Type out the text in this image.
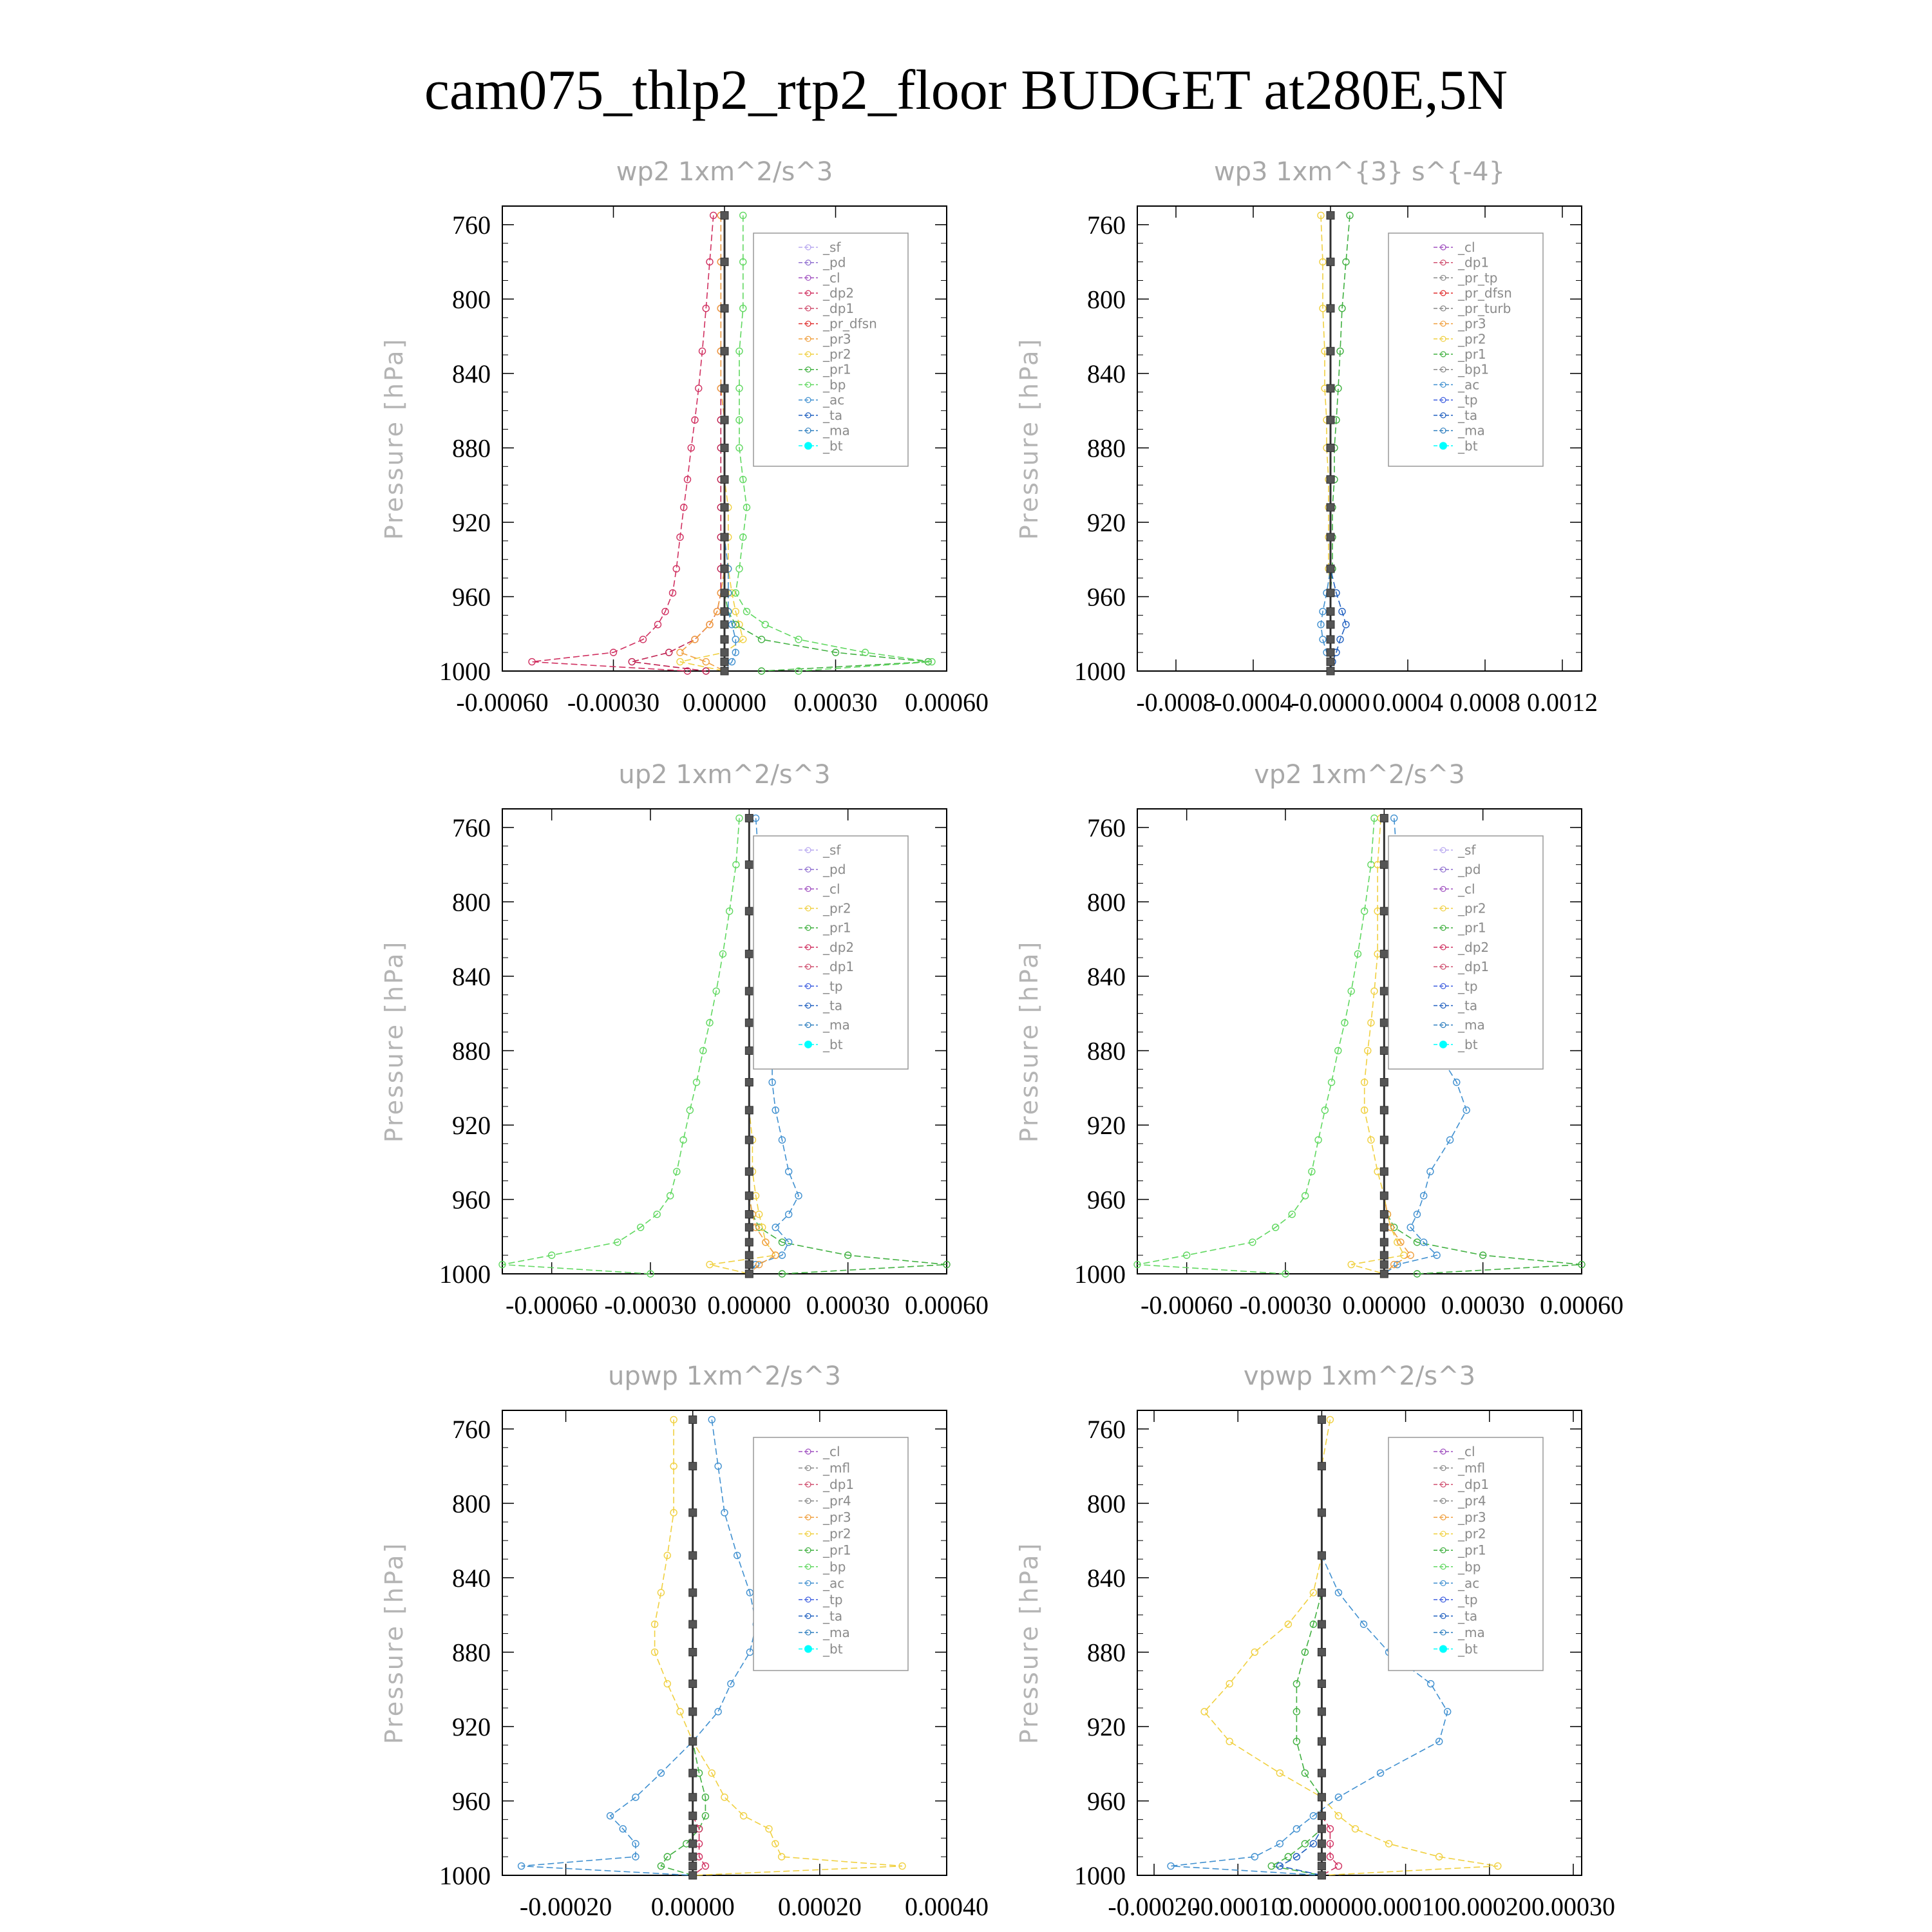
cam075_thlp2_rtp2_floor BUDGET at280E,5N
wp2 1xm^2/s^3
Pressure [hPa]
760
800
840
880
920
960
1000
-0.00060 -0.00030 0.00000 0.00030 0.00060
_sf
_pd
_cl
_dp2
_dp1
_pr_dfsn
_pr3
_pr2
_pr1
_bp
_ac
_ta
_ma
_bt
wp3 1xm^{3} s^{-4}
Pressure [hPa]
760
800
840
880
920
960
1000
-0.0008
-0.0004
-0.0000 0.0004 0.0008 0.0012
_cl
_dp1
_pr_tp
_pr_dfsn
_pr_turb
_pr3
_pr2
_pr1
_bp1
_ac
_tp
_ta
_ma
_bt
up2 1xm^2/s^3
Pressure [hPa]
760
800
840
880
920
960
1000
-0.00060 -0.00030 0.00000 0.00030 0.00060
_sf
_pd
_cl
_pr2
_pr1
_dp2
_dp1
_tp
_ta
_ma
_bt
vp2 1xm^2/s^3
Pressure [hPa]
760
800
840
880
920
960
1000
-0.00060 -0.00030 0.00000 0.00030 0.00060
_sf
_pd
_cl
_pr2
_pr1
_dp2
_dp1
_tp
_ta
_ma
_bt
upwp 1xm^2/s^3
Pressure [hPa]
760
800
840
880
920
960
1000
-0.00020 0.00000 0.00020 0.00040
_cl
_mfl
_dp1
_pr4
_pr3
_pr2
_pr1
_bp
_ac
_tp
_ta
_ma
_bt
vpwp 1xm^2/s^3
Pressure [hPa]
760
800
840
880
920
960
1000
-0.00020
-0.00010
0.00000 0.00010 0.00020 0.00030
_cl
_mfl
_dp1
_pr4
_pr3
_pr2
_pr1
_bp
_ac
_tp
_ta
_ma
_bt
